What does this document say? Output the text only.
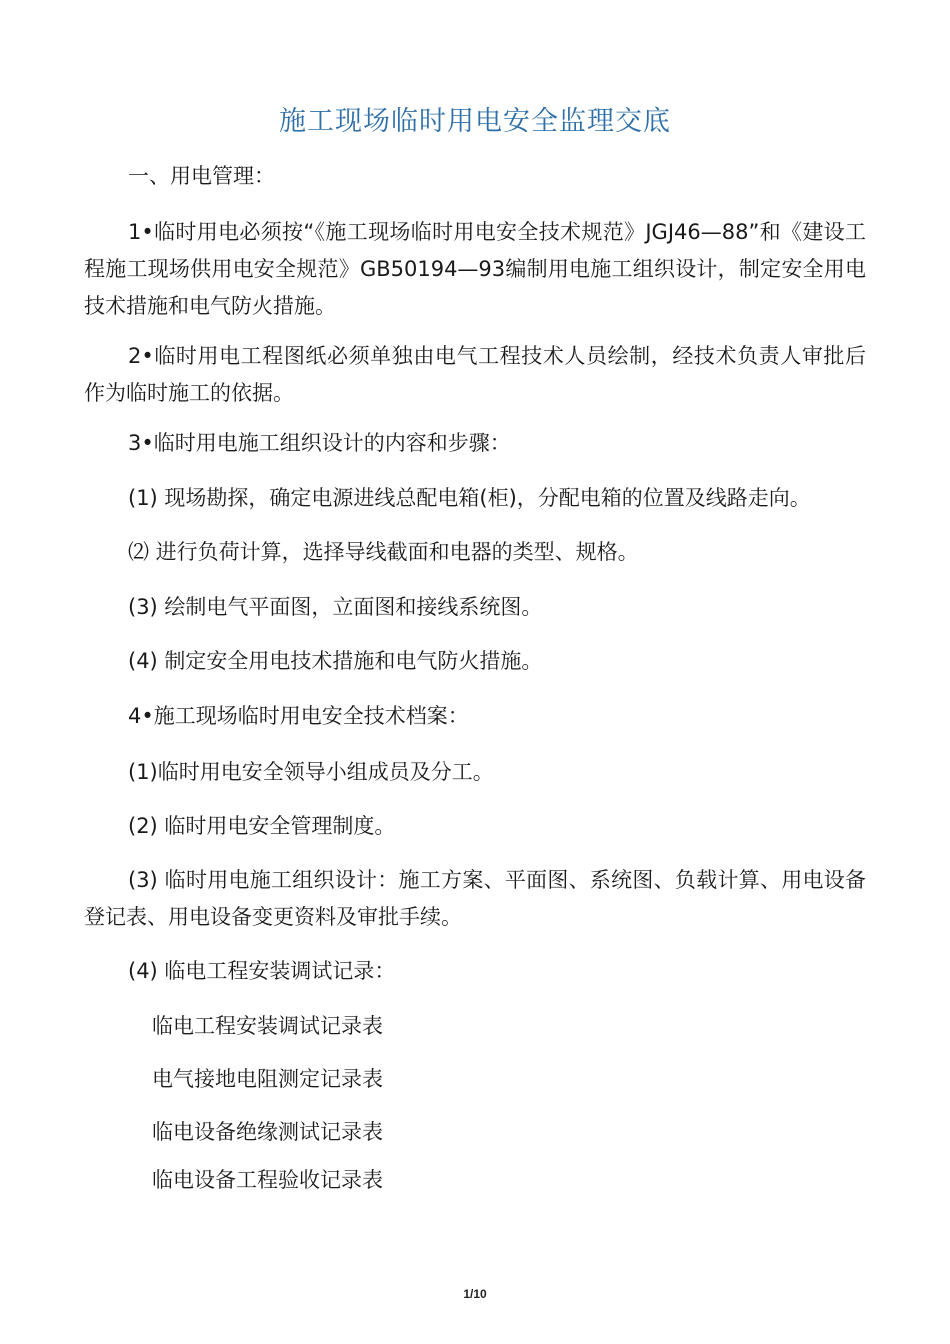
施工现场临时用电安全监理交底
一、用电管理：
1•临时用电必须按“《施工现场临时用电安全技术规范》JGJ46—88”和《建设工程施工现场供用电安全规范》GB50194—93编制用电施工组织设计，制定安全用电技术措施和电气防火措施。
2•临时用电工程图纸必须单独由电气工程技术人员绘制，经技术负责人审批后作为临时施工的依据。
3•临时用电施工组织设计的内容和步骤：
(1) 现场勘探，确定电源进线总配电箱(柜)，分配电箱的位置及线路走向。
⑵ 进行负荷计算，选择导线截面和电器的类型、规格。
(3) 绘制电气平面图，立面图和接线系统图。
(4) 制定安全用电技术措施和电气防火措施。
4•施工现场临时用电安全技术档案：
(1)临时用电安全领导小组成员及分工。
(2) 临时用电安全管理制度。
(3) 临时用电施工组织设计：施工方案、平面图、系统图、负载计算、用电设备登记表、用电设备变更资料及审批手续。
(4) 临电工程安装调试记录：
临电工程安装调试记录表
电气接地电阻测定记录表
临电设备绝缘测试记录表
临电设备工程验收记录表
1/10
